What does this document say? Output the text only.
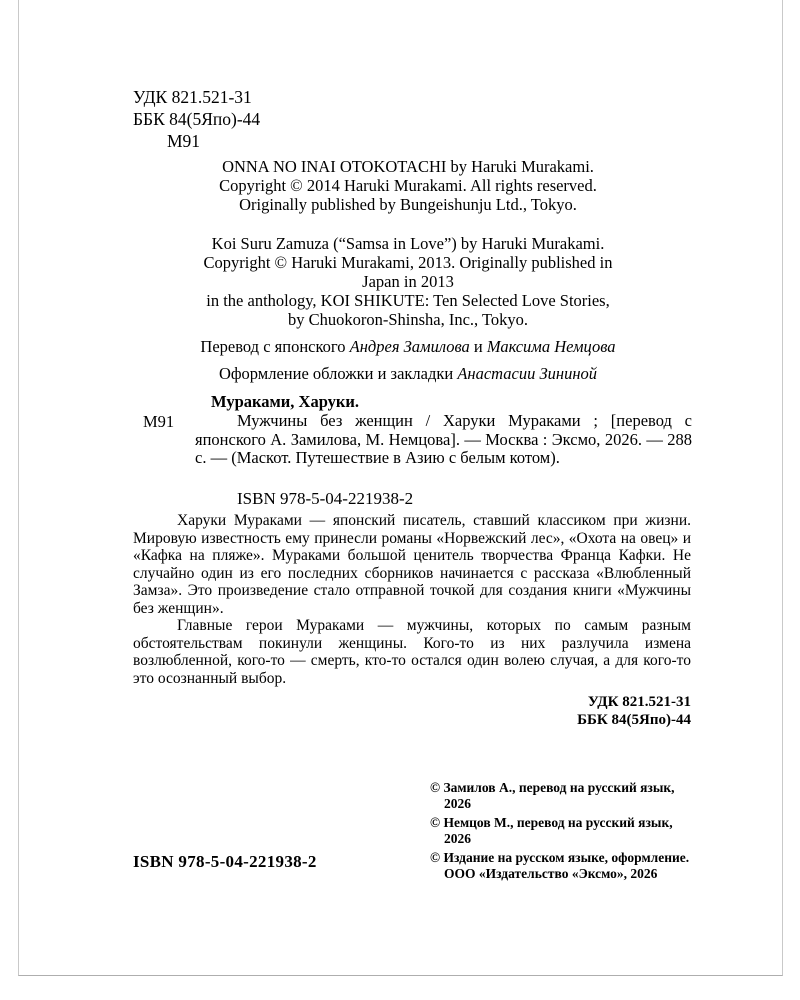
УДК 821.521-31
ББК 84(5Япо)-44
М91
ONNA NO INAI OTOKOTACHI by Haruki Murakami.
Copyright © 2014 Haruki Murakami. All rights reserved.
Originally published by Bungeishunju Ltd., Tokyo.
Koi Suru Zamuza (“Samsa in Love”) by Haruki Murakami.
Copyright © Haruki Murakami, 2013. Originally published in
Japan in 2013
in the anthology, KOI SHIKUTE: Ten Selected Love Stories,
by Chuokoron-Shinsha, Inc., Tokyo.
Перевод с японского Андрея Замилова и Максима Немцова
Оформление обложки и закладки Анастасии Зининой
Мураками, Харуки.
М91	Мужчины без женщин / Харуки Мураками ; [перевод с японского А. Замилова, М. Немцова]. — Москва : Эксмо, 2026. — 288 с. — (Маскот. Путешествие в Азию с белым котом).
ISBN 978-5-04-221938-2

Харуки Мураками — японский писатель, ставший классиком при жизни. Мировую известность ему принесли романы «Норвежский лес», «Охота на овец» и «Кафка на пляже». Мураками большой ценитель творчества Франца Кафки. Не случайно один из его последних сборников начинается с рассказа «Влюбленный Замза». Это произведение стало отправной точкой для создания книги «Мужчины без женщин».

Главные герои Мураками — мужчины, которых по самым разным обстоятельствам покинули женщины. Кого-то из них разлучила измена возлюбленной, кого-то — смерть, кто-то остался один волею случая, а для кого-то это осознанный выбор.

УДК 821.521-31
ББК 84(5Япо)-44
© Замилов А., перевод на русский язык, 2026
© Немцов М., перевод на русский язык, 2026
© Издание на русском языке, оформление. ООО «Издательство «Эксмо», 2026
ISBN 978-5-04-221938-2
